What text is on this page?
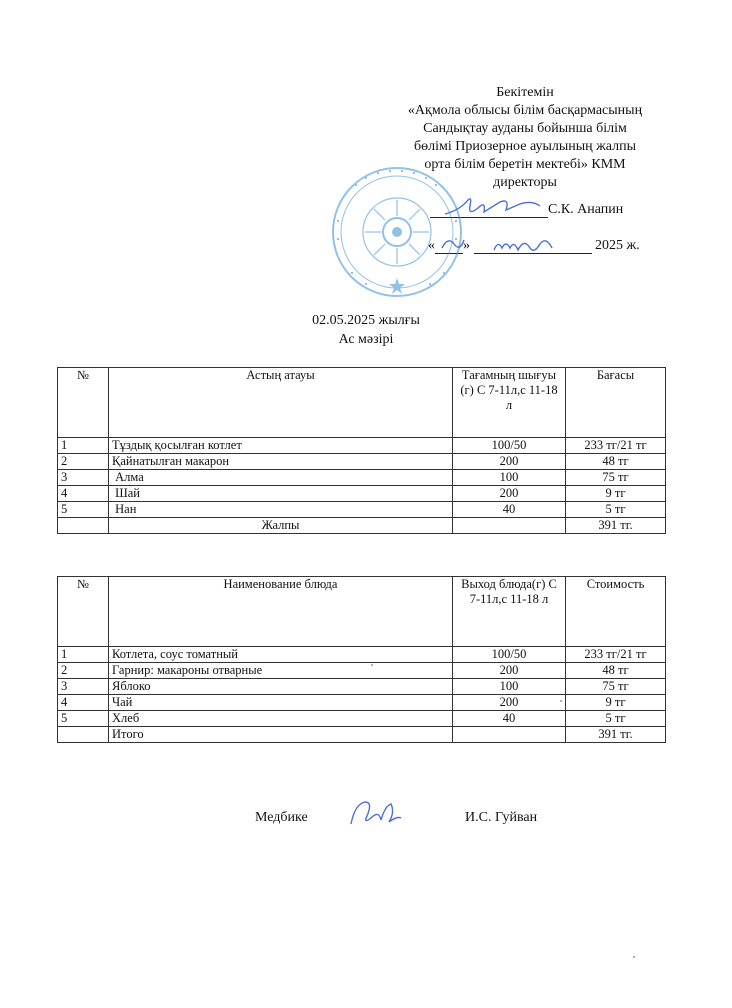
Бекітемін
«Ақмола облысы білім басқармасының
Сандықтау ауданы бойынша білім
бөлімі Приозерное ауылының жалпы
орта білім беретін мектебі» КММ
директоры
С.К. Анапин
« »	2025 ж.
02.05.2025 жылғы
Ас мәзірі
№	Астың атауы	Тағамның шығуы (г) С 7-11л,с 11-18 л	Бағасы
1	Тұздық қосылған котлет	100/50	233 тг/21 тг
2	Қайнатылған макарон	200	48 тг
3	Алма	100	75 тг
4	Шай	200	9 тг
5	Нан	40	5 тг
	Жалпы		391 тг.
№	Наименование блюда	Выход блюда(г) С 7-11л,с 11-18 л	Стоимость
1	Котлета, соус томатный	100/50	233 тг/21 тг
2	Гарнир: макароны отварные	200	48 тг
3	Яблоко	100	75 тг
4	Чай	200	9 тг
5	Хлеб	40	5 тг
	Итого		391 тг.
Медбике	И.С. Гуйван
